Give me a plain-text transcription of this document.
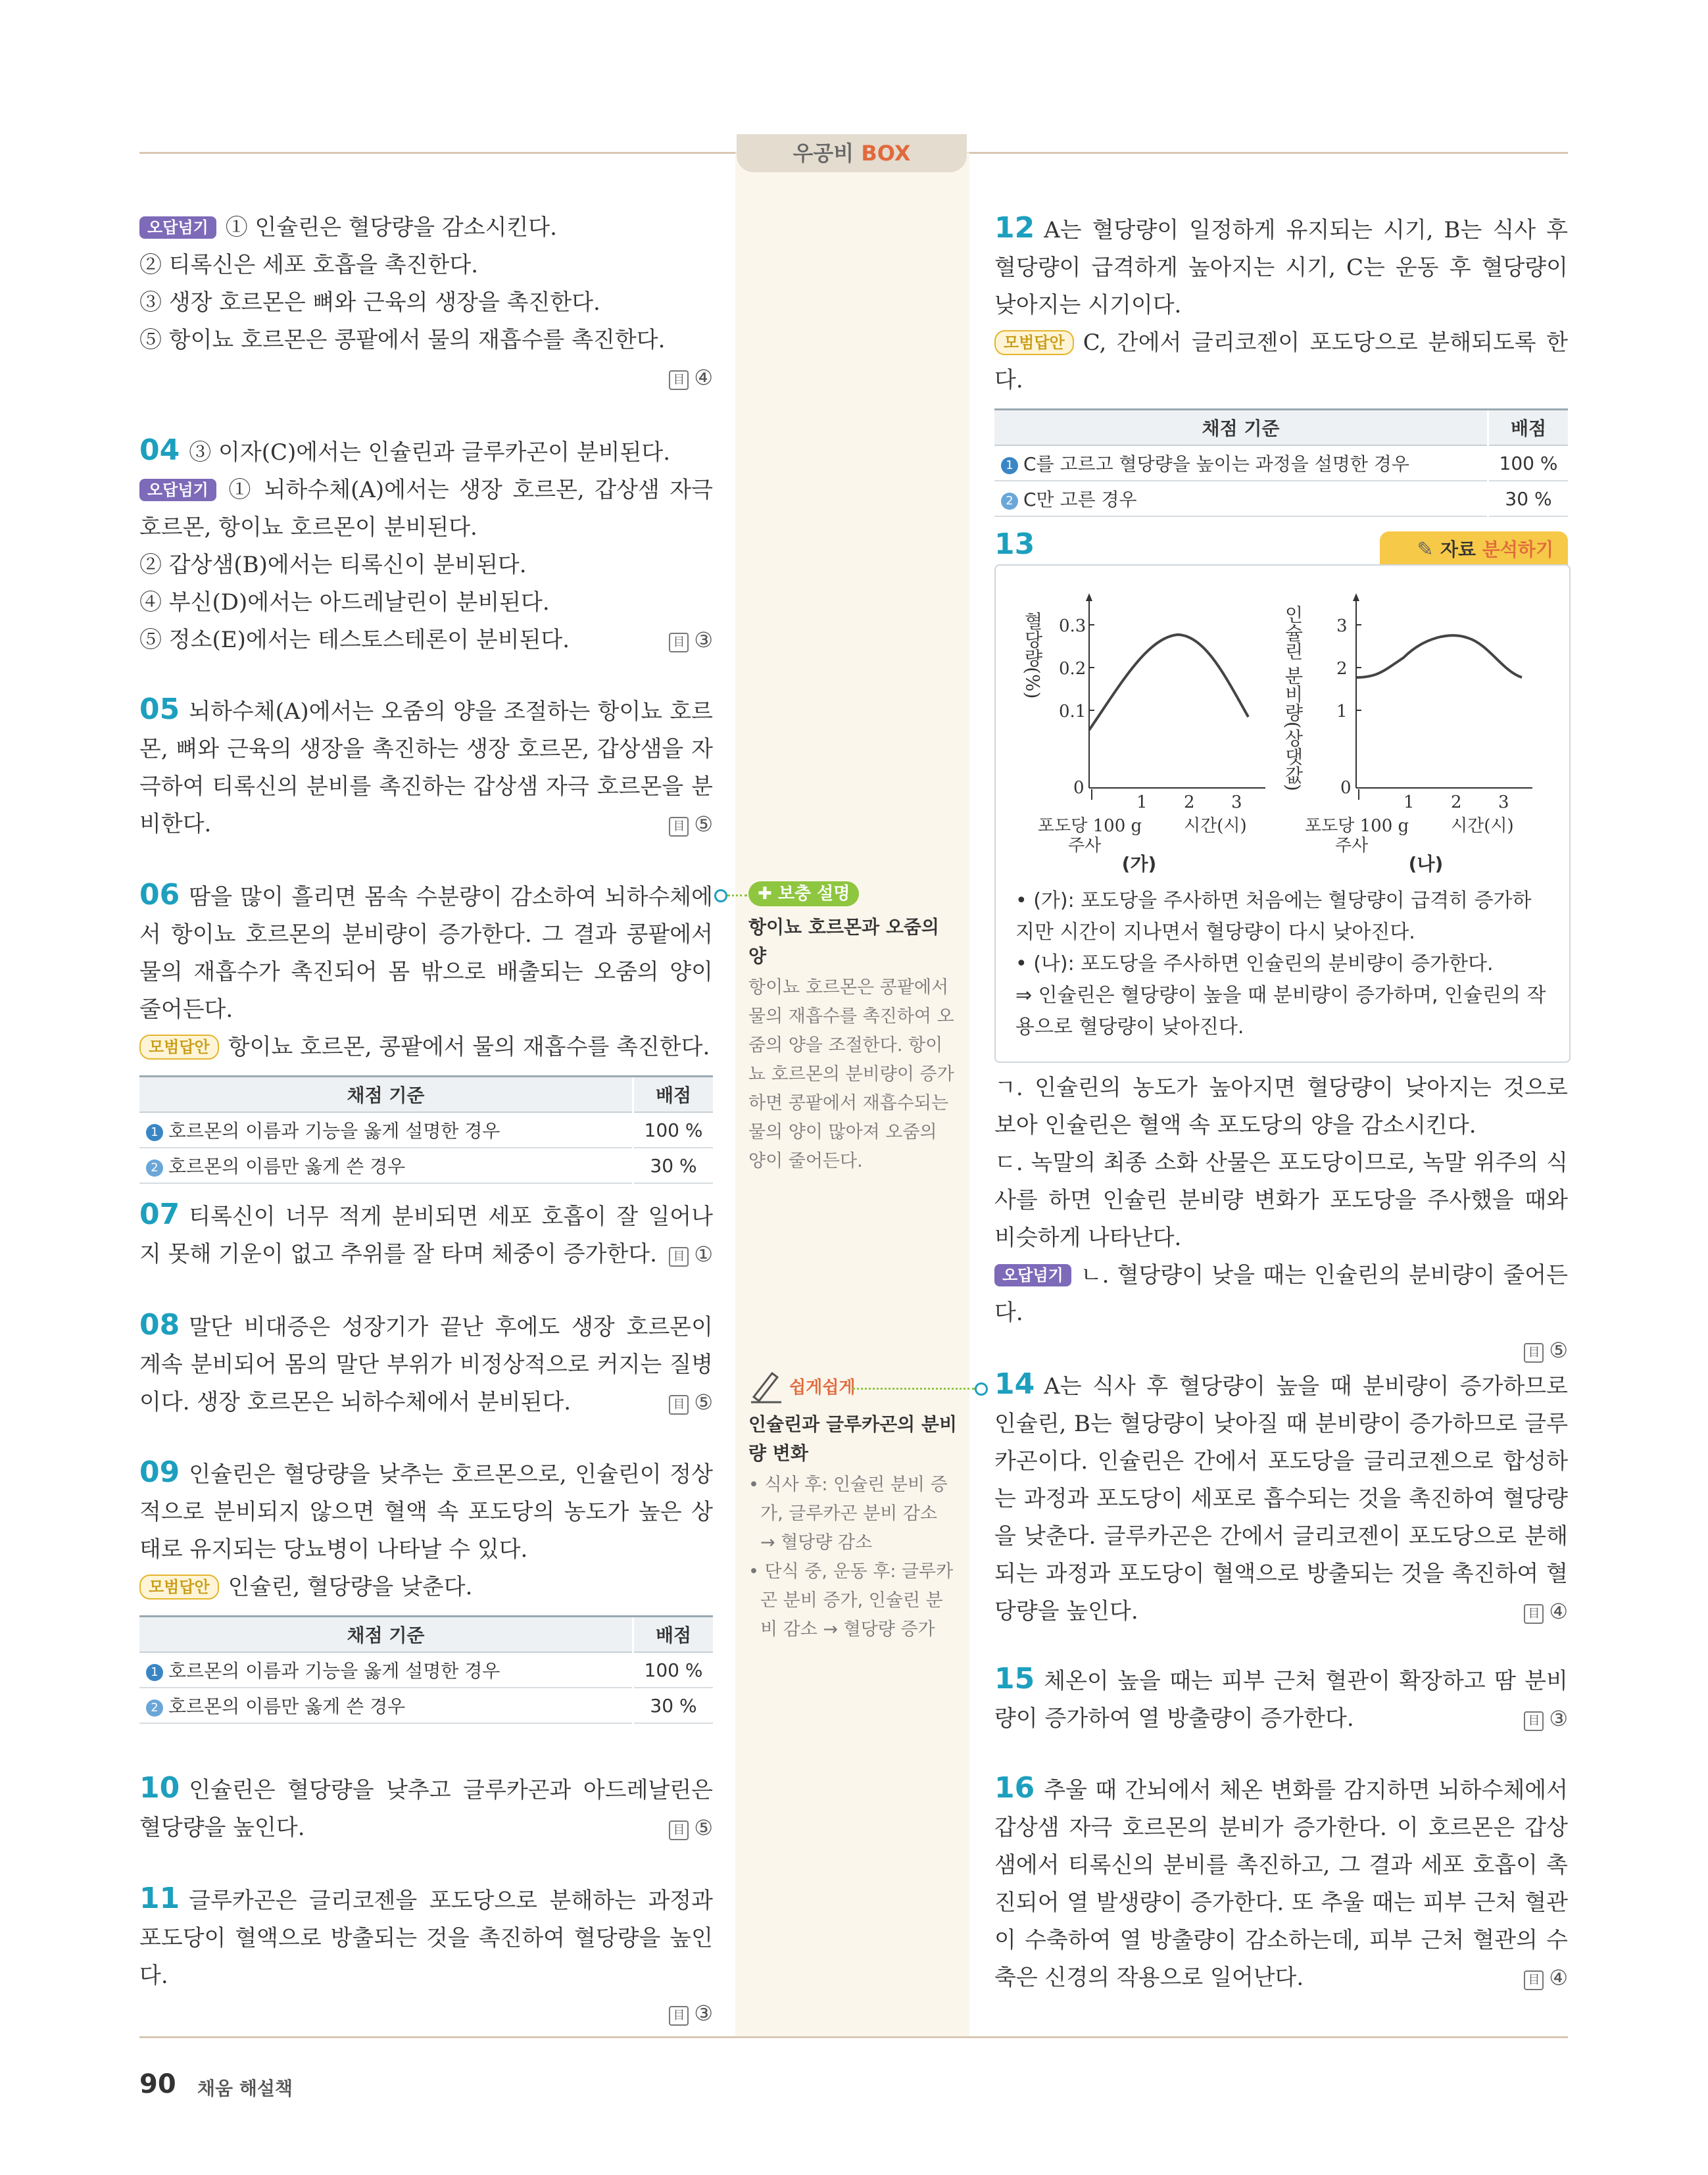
우공비 BOX

오답넘기 ① 인슐린은 혈당량을 감소시킨다.

② 티록신은 세포 호흡을 촉진한다.

③ 생장 호르몬은 뼈와 근육의 생장을 촉진한다.

⑤ 항이뇨 호르몬은 콩팥에서 물의 재흡수를 촉진한다.

目 ④

04 ③ 이자(C)에서는 인슐린과 글루카곤이 분비된다.

오답넘기 ① 뇌하수체(A)에서는 생장 호르몬, 갑상샘 자극 호르몬, 항이뇨 호르몬이 분비된다.

② 갑상샘(B)에서는 티록신이 분비된다.

④ 부신(D)에서는 아드레날린이 분비된다.

⑤ 정소(E)에서는 테스토스테론이 분비된다.	目 ③

05 뇌하수체(A)에서는 오줌의 양을 조절하는 항이뇨 호르몬, 뼈와 근육의 생장을 촉진하는 생장 호르몬, 갑상샘을 자극하여 티록신의 분비를 촉진하는 갑상샘 자극 호르몬을 분비한다.	目 ⑤

06 땀을 많이 흘리면 몸속 수분량이 감소하여 뇌하수체에서 항이뇨 호르몬의 분비량이 증가한다. 그 결과 콩팥에서 물의 재흡수가 촉진되어 몸 밖으로 배출되는 오줌의 양이 줄어든다.

모범답안 항이뇨 호르몬, 콩팥에서 물의 재흡수를 촉진한다.

채점 기준	배점
1 호르몬의 이름과 기능을 옳게 설명한 경우	100 %
2 호르몬의 이름만 옳게 쓴 경우	30 %

07 티록신이 너무 적게 분비되면 세포 호흡이 잘 일어나지 못해 기운이 없고 추위를 잘 타며 체중이 증가한다.	目 ①

08 말단 비대증은 성장기가 끝난 후에도 생장 호르몬이 계속 분비되어 몸의 말단 부위가 비정상적으로 커지는 질병이다. 생장 호르몬은 뇌하수체에서 분비된다.	目 ⑤

09 인슐린은 혈당량을 낮추는 호르몬으로, 인슐린이 정상적으로 분비되지 않으면 혈액 속 포도당의 농도가 높은 상태로 유지되는 당뇨병이 나타날 수 있다.

모범답안 인슐린, 혈당량을 낮춘다.

채점 기준	배점
1 호르몬의 이름과 기능을 옳게 설명한 경우	100 %
2 호르몬의 이름만 옳게 쓴 경우	30 %

10 인슐린은 혈당량을 낮추고 글루카곤과 아드레날린은 혈당량을 높인다.	目 ⑤

11 글루카곤은 글리코젠을 포도당으로 분해하는 과정과 포도당이 혈액으로 방출되는 것을 촉진하여 혈당량을 높인다.

目 ③

✚ 보충 설명

항이뇨 호르몬과 오줌의 양

항이뇨 호르몬은 콩팥에서 물의 재흡수를 촉진하여 오줌의 양을 조절한다. 항이뇨 호르몬의 분비량이 증가하면 콩팥에서 재흡수되는 물의 양이 많아져 오줌의 양이 줄어든다.

쉽게쉽게

인슐린과 글루카곤의 분비량 변화

• 식사 후: 인슐린 분비 증가, 글루카곤 분비 감소 → 혈당량 감소
• 단식 중, 운동 후: 글루카곤 분비 증가, 인슐린 분비 감소 → 혈당량 증가

12 A는 혈당량이 일정하게 유지되는 시기, B는 식사 후 혈당량이 급격하게 높아지는 시기, C는 운동 후 혈당량이 낮아지는 시기이다.

모범답안 C, 간에서 글리코젠이 포도당으로 분해되도록 한다.

채점 기준	배점
1 C를 고르고 혈당량을 높이는 과정을 설명한 경우	100 %
2 C만 고른 경우	30 %
13	✎ 자료 분석하기
혈당량(%) 0.3
0.2
0.1
0
1 2 3
포도당 100 g
주사
시간(시)
인슐린 분비량(상댓값) 3
2
1
0
1 2 3
포도당 100 g
주사
시간(시)
(가)	(나)

• (가): 포도당을 주사하면 처음에는 혈당량이 급격히 증가하지만 시간이 지나면서 혈당량이 다시 낮아진다.

• (나): 포도당을 주사하면 인슐린의 분비량이 증가한다.

⇒ 인슐린은 혈당량이 높을 때 분비량이 증가하며, 인슐린의 작용으로 혈당량이 낮아진다.

ㄱ. 인슐린의 농도가 높아지면 혈당량이 낮아지는 것으로 보아 인슐린은 혈액 속 포도당의 양을 감소시킨다.

ㄷ. 녹말의 최종 소화 산물은 포도당이므로, 녹말 위주의 식사를 하면 인슐린 분비량 변화가 포도당을 주사했을 때와 비슷하게 나타난다.

오답넘기 ㄴ. 혈당량이 낮을 때는 인슐린의 분비량이 줄어든다.

目 ⑤

14 A는 식사 후 혈당량이 높을 때 분비량이 증가하므로 인슐린, B는 혈당량이 낮아질 때 분비량이 증가하므로 글루카곤이다. 인슐린은 간에서 포도당을 글리코젠으로 합성하는 과정과 포도당이 세포로 흡수되는 것을 촉진하여 혈당량을 낮춘다. 글루카곤은 간에서 글리코젠이 포도당으로 분해되는 과정과 포도당이 혈액으로 방출되는 것을 촉진하여 혈당량을 높인다.	目 ④

15 체온이 높을 때는 피부 근처 혈관이 확장하고 땀 분비량이 증가하여 열 방출량이 증가한다.	目 ③

16 추울 때 간뇌에서 체온 변화를 감지하면 뇌하수체에서 갑상샘 자극 호르몬의 분비가 증가한다. 이 호르몬은 갑상샘에서 티록신의 분비를 촉진하고, 그 결과 세포 호흡이 촉진되어 열 발생량이 증가한다. 또 추울 때는 피부 근처 혈관이 수축하여 열 방출량이 감소하는데, 피부 근처 혈관의 수축은 신경의 작용으로 일어난다.	目 ④

90 채움 해설책
